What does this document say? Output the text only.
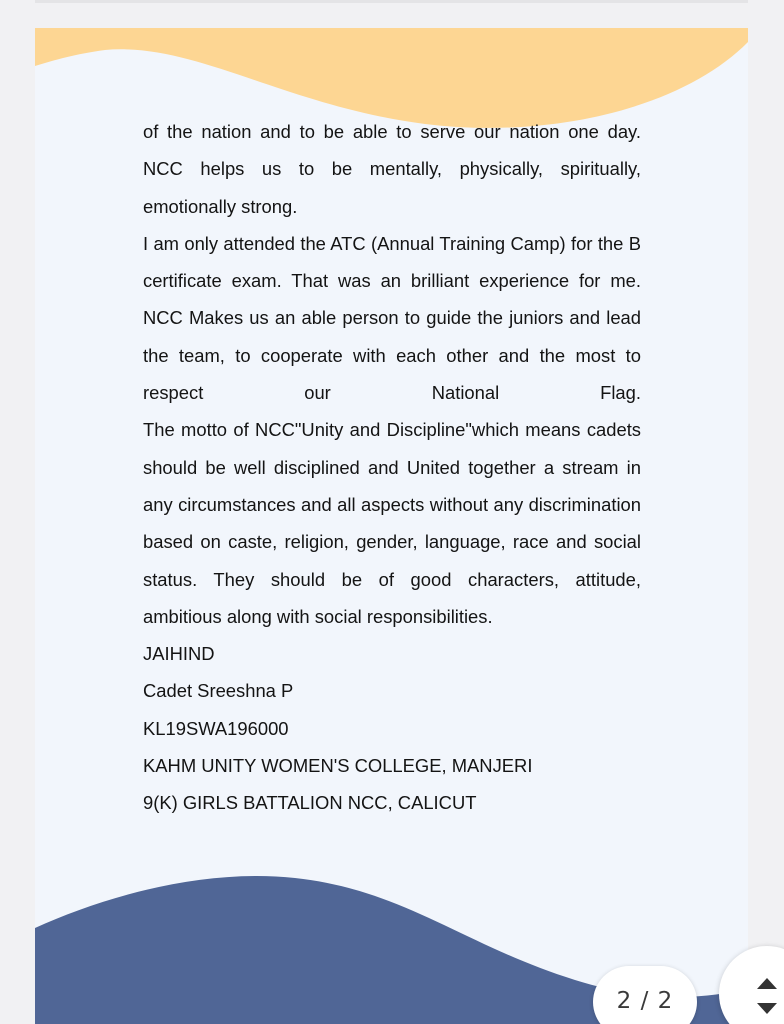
of the nation and to be able to serve our nation one day. NCC helps us to be mentally, physically, spiritually, emotionally strong.

I am only attended the ATC (Annual Training Camp) for the B certificate exam. That was an brilliant experience for me. NCC Makes us an able person to guide the juniors and lead the team, to cooperate with each other and the most to respect our National Flag.

The motto of NCC"Unity and Discipline"which means cadets should be well disciplined and United together a stream in any circumstances and all aspects without any discrimination based on caste, religion, gender, language, race and social status. They should be of good characters, attitude, ambitious along with social responsibilities.

JAIHIND
Cadet Sreeshna P
KL19SWA196000
KAHM UNITY WOMEN'S COLLEGE, MANJERI
9(K) GIRLS BATTALION NCC, CALICUT
2 / 2
